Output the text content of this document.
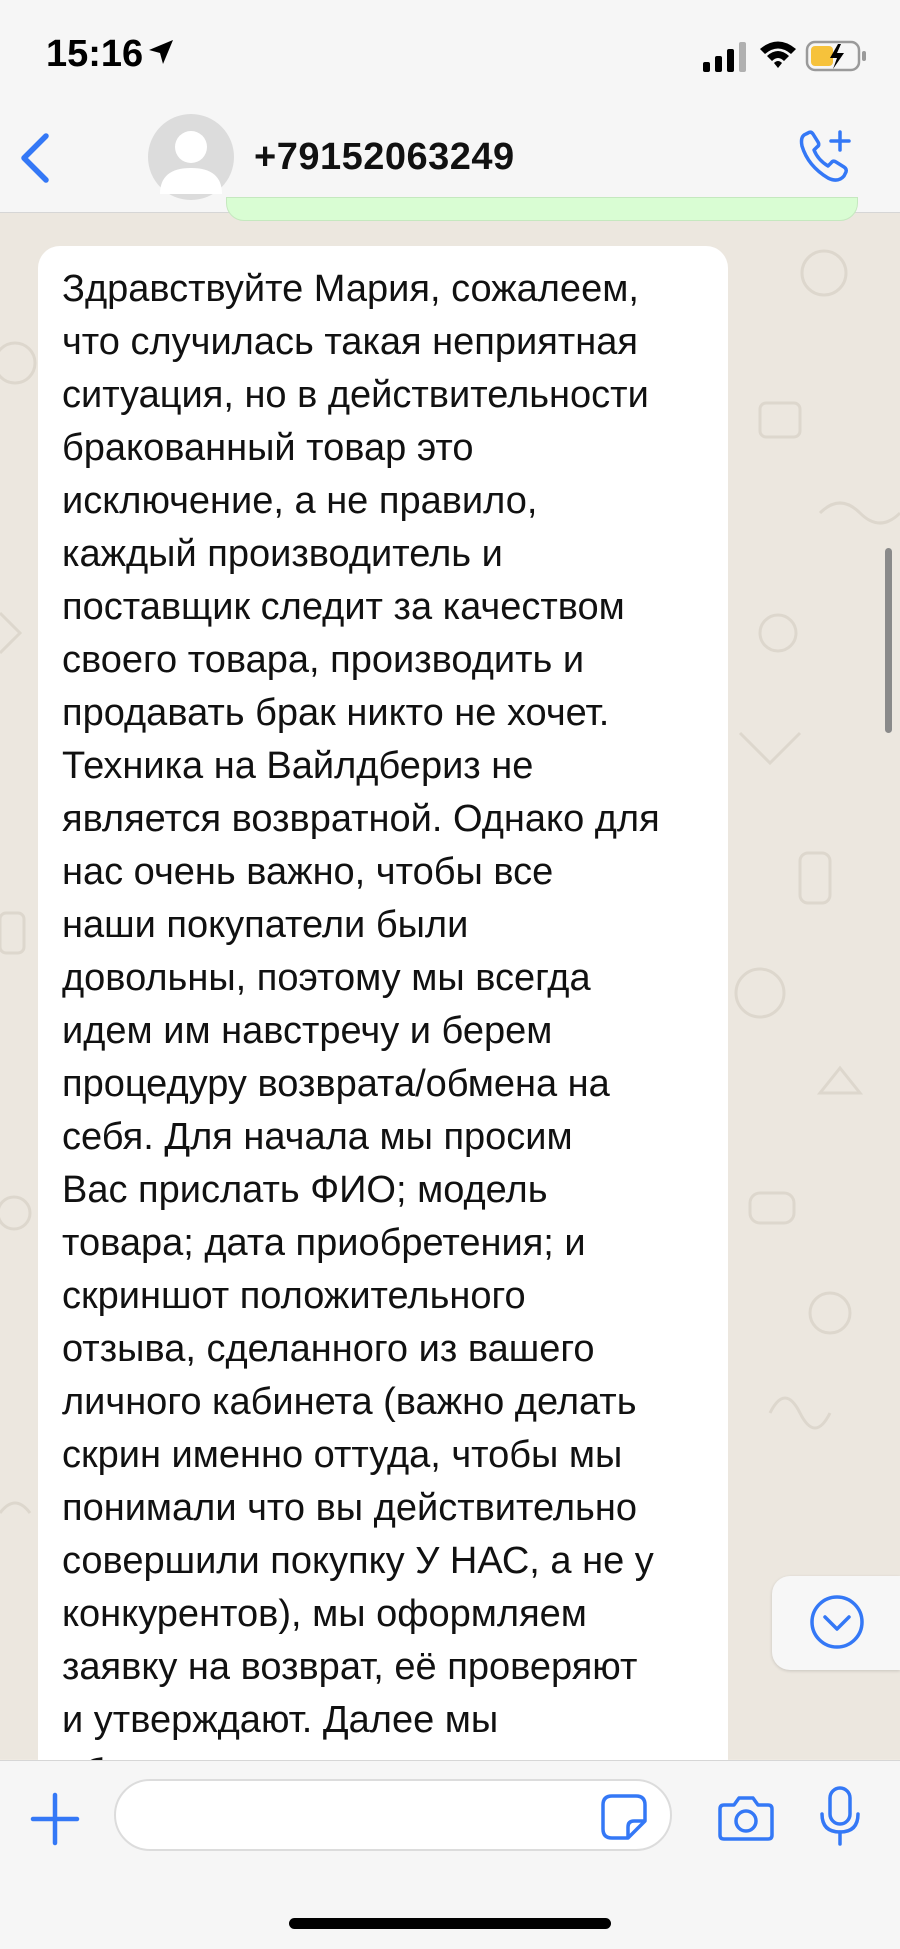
15:16
+79152063249
Здравствуйте Мария, сожалеем,
что случилась такая неприятная
ситуация, но в действительности
бракованный товар это
исключение, а не правило,
каждый производитель и
поставщик следит за качеством
своего товара, производить и
продавать брак никто не хочет.
Техника на Вайлдбериз не
является возвратной. Однако для
нас очень важно, чтобы все
наши покупатели были
довольны, поэтому мы всегда
идем им навстречу и берем
процедуру возврата/обмена на
себя. Для начала мы просим
Вас прислать ФИО; модель
товара; дата приобретения; и
скриншот положительного
отзыва, сделанного из вашего
личного кабинета (важно делать
скрин именно оттуда, чтобы мы
понимали что вы действительно
совершили покупку У НАС, а не у
конкурентов), мы оформляем
заявку на возврат, её проверяют
и утверждают. Далее мы
